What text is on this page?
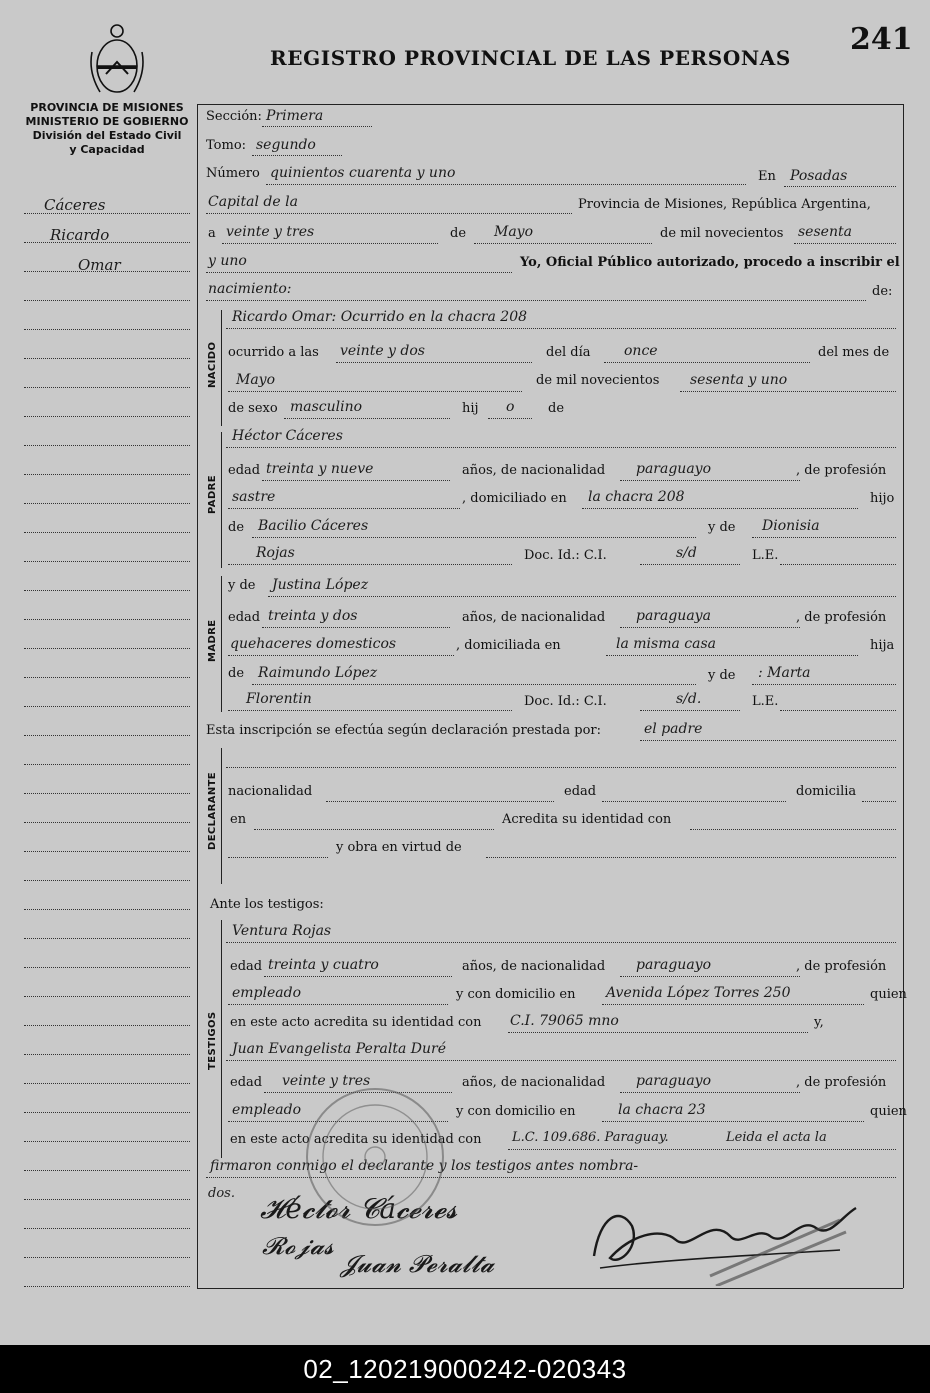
REGISTRO PROVINCIAL DE LAS PERSONAS
241
PROVINCIA DE MISIONES
MINISTERIO DE GOBIERNO
División del Estado Civil
y Capacidad
Cáceres
Ricardo
Omar
Sección: Primera
Tomo: segundo
Número quinientos cuarenta y uno	En Posadas
Capital de la	Provincia de Misiones, República Argentina,
a veinte y tres	de Mayo	de mil novecientos sesenta
y uno	Yo, Oficial Público autorizado, procedo a inscribir el
nacimiento:	de:
NACIDO
Ricardo Omar: Ocurrido en la chacra 208
ocurrido a las veinte y dos	del día once	del mes de
Mayo	de mil novecientos sesenta y uno
de sexo masculino	hij o	de
PADRE
Héctor Cáceres
edad treinta y nueve	años, de nacionalidad paraguayo	, de profesión
sastre	, domiciliado en la chacra 208	hijo
de Bacilio Cáceres	y de Dionisia
Rojas	Doc. Id.: C.I.	s/d	L.E.
MADRE
y de Justina López
edad treinta y dos	años, de nacionalidad paraguaya	, de profesión
quehaceres domesticos	, domiciliada en	la misma casa	hija
de Raimundo López	y de : Marta
Florentin	Doc. Id.: C.I.	s/d.	L.E.
Esta inscripción se efectúa según declaración prestada por:	el padre
DECLARANTE nacionalidad	edad	domicilia
en	Acredita su identidad con
y obra en virtud de
Ante los testigos:
TESTIGOS
Ventura Rojas
edad treinta y cuatro	años, de nacionalidad paraguayo	, de profesión
empleado	y con domicilio en Avenida López Torres 250	quien
en este acto acredita su identidad con C.I. 79065 mno	y,
Juan Evangelista Peralta Duré
edad veinte y tres	años, de nacionalidad paraguayo	, de profesión
empleado	y con domicilio en	la chacra 23	quien
en este acto acredita su identidad con L.C. 109.686. Paraguay.	Leida el acta la
firmaron conmigo el declarante y los testigos antes nombra-
dos. 𝓗é𝓬𝓽𝓸𝓻 𝓒á𝓬𝓮𝓻𝓮𝓼
𝓡𝓸𝓳𝓪𝓼
𝓙𝓾𝓪𝓷 𝓟𝓮𝓻𝓪𝓵𝓽𝓪
02_120219000242-020343
